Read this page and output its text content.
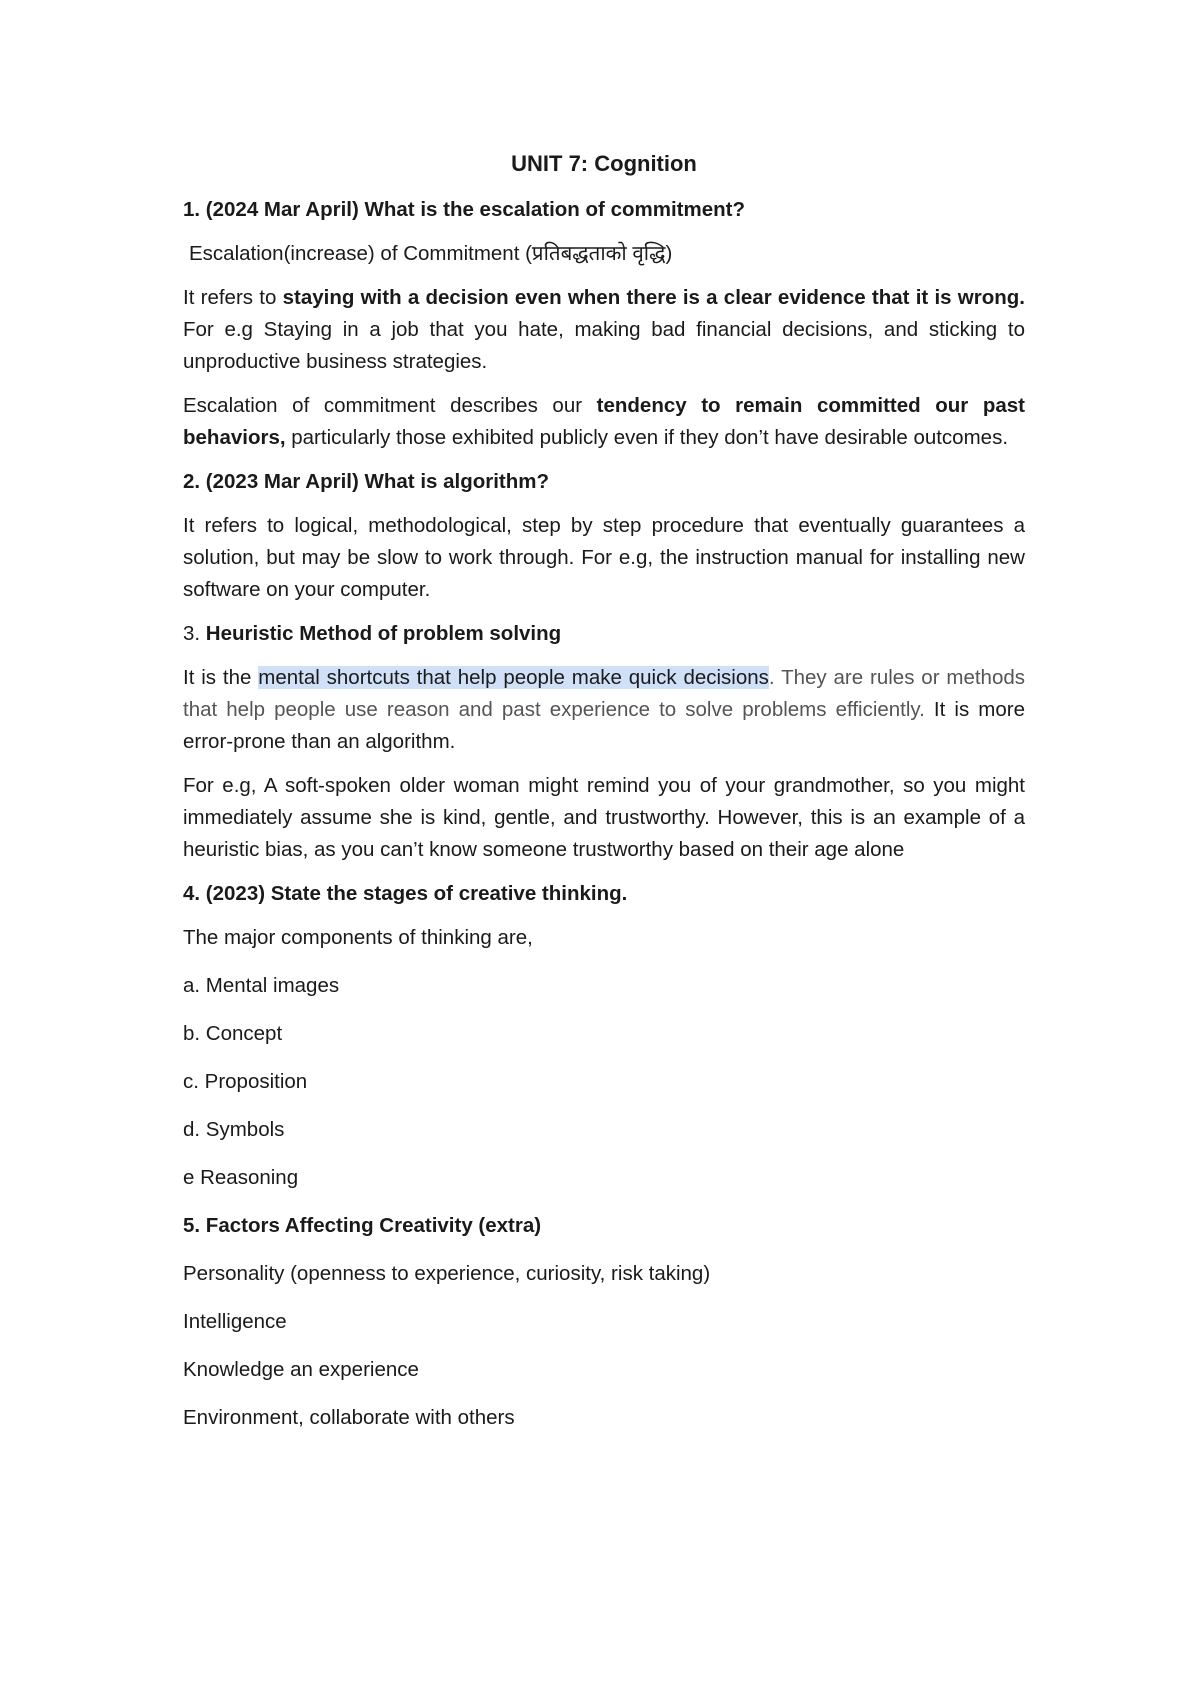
UNIT 7: Cognition
1. (2024 Mar April) What is the escalation of commitment?

Escalation(increase) of Commitment (प्रतिबद्धताको वृद्धि)

It refers to staying with a decision even when there is a clear evidence that it is wrong. For e.g Staying in a job that you hate, making bad financial decisions, and sticking to unproductive business strategies.

Escalation of commitment describes our tendency to remain committed our past behaviors, particularly those exhibited publicly even if they don’t have desirable outcomes.

2. (2023 Mar April) What is algorithm?

It refers to logical, methodological, step by step procedure that eventually guarantees a solution, but may be slow to work through. For e.g, the instruction manual for installing new software on your computer.

3. Heuristic Method of problem solving

It is the mental shortcuts that help people make quick decisions. They are rules or methods that help people use reason and past experience to solve problems efficiently. It is more error-prone than an algorithm.

For e.g, A soft-spoken older woman might remind you of your grandmother, so you might immediately assume she is kind, gentle, and trustworthy. However, this is an example of a heuristic bias, as you can’t know someone trustworthy based on their age alone

4. (2023) State the stages of creative thinking.

The major components of thinking are,

a. Mental images

b. Concept

c. Proposition

d. Symbols

e Reasoning

5. Factors Affecting Creativity (extra)

Personality (openness to experience, curiosity, risk taking)

Intelligence

Knowledge an experience

Environment, collaborate with others
